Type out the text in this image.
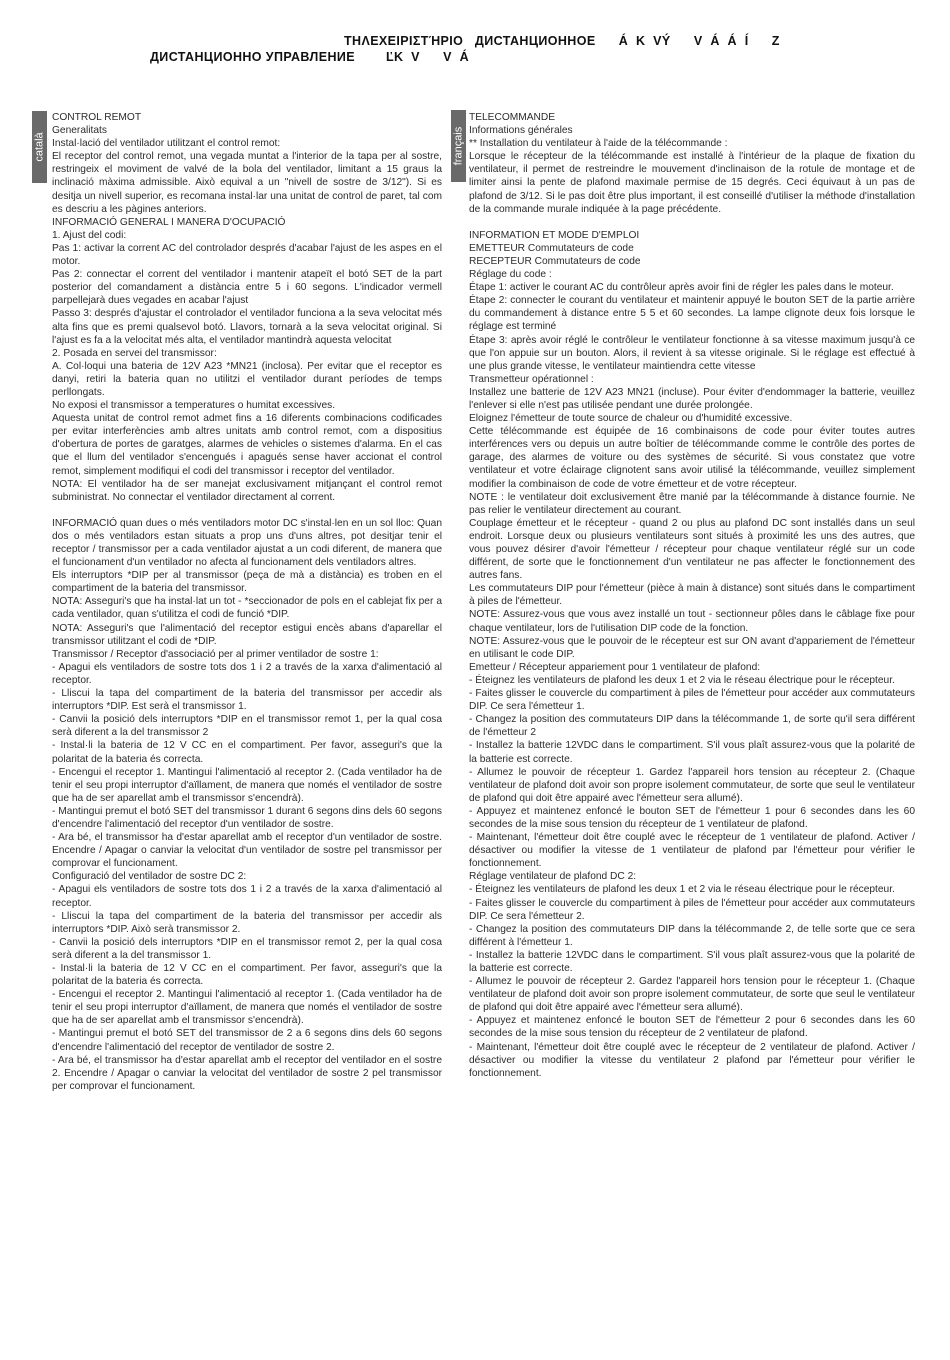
ΤΗΛΕΧΕΙΡΙΣΤΉΡΙΟ   ДИСТАНЦИОННОЕ      Á  K  VÝ      V  Á  Á  Í      Z
ДИСТАНЦИОННО УПРАВЛЕНИЕ        ĽK  V      V  Á
català	français

CONTROL REMOT

Generalitats

Instal·lació del ventilador utilitzant el control remot:

El receptor del control remot, una vegada muntat a l'interior de la tapa per al sostre, restringeix el moviment de valvé de la bola del ventilador, limitant a 15 graus la inclinació màxima admissible. Això equival a un "nivell de sostre de 3/12"). Si es desitja un nivell superior, es recomana instal·lar una unitat de control de paret, tal com es descriu a les pàgines anteriors.

INFORMACIÓ GENERAL I MANERA D'OCUPACIÓ

1. Ajust del codi:

Pas 1: activar la corrent AC del controlador després d'acabar l'ajust de les aspes en el motor.

Pas 2: connectar el corrent del ventilador i mantenir atapeït el botó SET de la part posterior del comandament a distància entre 5 i 60 segons. L'indicador vermell parpellejarà dues vegades en acabar l'ajust

Passo 3: després d'ajustar el controlador el ventilador funciona a la seva velocitat més alta fins que es premi qualsevol botó. Llavors, tornarà a la seva velocitat original. Si l'ajust es fa a la velocitat més alta, el ventilador mantindrà aquesta velocitat

2. Posada en servei del transmissor:

A. Col·loqui una bateria de 12V A23 *MN21 (inclosa). Per evitar que el receptor es danyi, retiri la bateria quan no utilitzi el ventilador durant períodes de temps perllongats.

No exposi el transmissor a temperatures o humitat excessives.

Aquesta unitat de control remot admet fins a 16 diferents combinacions codificades per evitar interferències amb altres unitats amb control remot, com a dispositius d'obertura de portes de garatges, alarmes de vehicles o sistemes d'alarma. En el cas que el llum del ventilador s'encengués i apagués sense haver accionat el control remot, simplement modifiqui el codi del transmissor i receptor del ventilador.

NOTA: El ventilador ha de ser manejat exclusivament mitjançant el control remot subministrat. No connectar el ventilador directament al corrent.

INFORMACIÓ quan dues o més ventiladors motor DC s'instal·len en un sol lloc: Quan dos o més ventiladors estan situats a prop uns d'uns altres, pot desitjar tenir el receptor / transmissor per a cada ventilador ajustat a un codi diferent, de manera que el funcionament d'un ventilador no afecta al funcionament dels ventiladors altres.

Els interruptors *DIP per al transmissor (peça de mà a distància) es troben en el compartiment de la bateria del transmissor.

NOTA: Asseguri's que ha instal·lat un tot - *seccionador de pols en el cablejat fix per a cada ventilador, quan s'utilitza el codi de funció *DIP.

NOTA: Asseguri's que l'alimentació del receptor estigui encès abans d'aparellar el transmissor utilitzant el codi de *DIP.

Transmissor / Receptor d'associació per al primer ventilador de sostre 1:

- Apagui els ventiladors de sostre tots dos 1 i 2 a través de la xarxa d'alimentació al receptor.

- Lliscui la tapa del compartiment de la bateria del transmissor per accedir als interruptors *DIP. Est serà el transmissor 1.

- Canvii la posició dels interruptors *DIP en el transmissor remot 1, per la qual cosa serà diferent a la del transmissor 2

- Instal·li la bateria de 12 V CC en el compartiment. Per favor, asseguri's que la polaritat de la bateria és correcta.

- Encengui el receptor 1. Mantingui l'alimentació al receptor 2. (Cada ventilador ha de tenir el seu propi interruptor d'aïllament, de manera que només el ventilador de sostre que ha de ser aparellat amb el transmissor s'encendrà).

- Mantingui premut el botó SET del transmissor 1 durant 6 segons dins dels 60 segons d'encendre l'alimentació del receptor d'un ventilador de sostre.

- Ara bé, el transmissor ha d'estar aparellat amb el receptor d'un ventilador de sostre. Encendre / Apagar o canviar la velocitat d'un ventilador de sostre pel transmissor per comprovar el funcionament.

Configuració del ventilador de sostre DC 2:

- Apagui els ventiladors de sostre tots dos 1 i 2 a través de la xarxa d'alimentació al receptor.

- Lliscui la tapa del compartiment de la bateria del transmissor per accedir als interruptors *DIP. Això serà transmissor 2.

- Canvii la posició dels interruptors *DIP en el transmissor remot 2, per la qual cosa serà diferent a la del transmissor 1.

- Instal·li la bateria de 12 V CC en el compartiment. Per favor, asseguri's que la polaritat de la bateria és correcta.

- Encengui el receptor 2. Mantingui l'alimentació al receptor 1. (Cada ventilador ha de tenir el seu propi interruptor d'aïllament, de manera que només el ventilador de sostre que ha de ser aparellat amb el transmissor s'encendrà).

- Mantingui premut el botó SET del transmissor de 2 a 6 segons dins dels 60 segons d'encendre l'alimentació del receptor de ventilador de sostre 2.

- Ara bé, el transmissor ha d'estar aparellat amb el receptor del ventilador en el sostre 2. Encendre / Apagar o canviar la velocitat del ventilador de sostre 2 pel transmissor per comprovar el funcionament.

TELECOMMANDE

Informations générales

** Installation du ventilateur à l'aide de la télécommande :

Lorsque le récepteur de la télécommande est installé à l'intérieur de la plaque de fixation du ventilateur, il permet de restreindre le mouvement d'inclinaison de la rotule de montage et de limiter ainsi la pente de plafond maximale permise de 15 degrés. Ceci équivaut à un pas de plafond de 3/12. Si le pas doit être plus important, il est conseillé d'utiliser la méthode d'installation de la commande murale indiquée à la page précédente.

INFORMATION ET MODE D'EMPLOI

EMETTEUR Commutateurs de code

RECEPTEUR Commutateurs de code

Réglage du code :

Étape 1: activer le courant AC du contrôleur après avoir fini de régler les pales dans le moteur.

Étape 2: connecter le courant du ventilateur et maintenir appuyé le bouton SET de la partie arrière du commandement à distance entre 5 5 et 60 secondes. La lampe clignote deux fois lorsque le réglage est terminé

Étape 3: après avoir réglé le contrôleur le ventilateur fonctionne à sa vitesse maximum jusqu'à ce que l'on appuie sur un bouton. Alors, il revient à sa vitesse originale. Si le réglage est effectué à une plus grande vitesse, le ventilateur maintiendra cette vitesse

Transmetteur opérationnel :

Installez une batterie de 12V A23 MN21 (incluse). Pour éviter d'endommager la batterie, veuillez l'enlever si elle n'est pas utilisée pendant une durée prolongée.

Eloignez l'émetteur de toute source de chaleur ou d'humidité excessive.

Cette télécommande est équipée de 16 combinaisons de code pour éviter toutes autres interférences vers ou depuis un autre boîtier de télécommande comme le contrôle des portes de garage, des alarmes de voiture ou des systèmes de sécurité. Si vous constatez que votre ventilateur et votre éclairage clignotent sans avoir utilisé la télécommande, veuillez simplement modifier la combinaison de code de votre émetteur et de votre récepteur.

NOTE : le ventilateur doit exclusivement être manié par la télécommande à distance fournie. Ne pas relier le ventilateur directement au courant.

Couplage émetteur et le récepteur - quand 2 ou plus au plafond DC sont installés dans un seul endroit. Lorsque deux ou plusieurs ventilateurs sont situés à proximité les uns des autres, que vous pouvez désirer d'avoir l'émetteur / récepteur pour chaque ventilateur réglé sur un code différent, de sorte que le fonctionnement d'un ventilateur ne pas affecter le fonctionnement des autres fans.

Les commutateurs DIP pour l'émetteur (pièce à main à distance) sont situés dans le compartiment à piles de l'émetteur.

NOTE: Assurez-vous que vous avez installé un tout - sectionneur pôles dans le câblage fixe pour chaque ventilateur, lors de l'utilisation DIP code de la fonction.

NOTE: Assurez-vous que le pouvoir de le récepteur est sur ON avant d'appariement de l'émetteur en utilisant le code DIP.

Emetteur / Récepteur appariement pour 1 ventilateur de plafond:

- Éteignez les ventilateurs de plafond les deux 1 et 2 via le réseau électrique pour le récepteur.

- Faites glisser le couvercle du compartiment à piles de l'émetteur pour accéder aux commutateurs DIP. Ce sera l'émetteur 1.

- Changez la position des commutateurs DIP dans la télécommande 1, de sorte qu'il sera différent de l'émetteur 2

- Installez la batterie 12VDC dans le compartiment. S'il vous plaît assurez-vous que la polarité de la batterie est correcte.

- Allumez le pouvoir de récepteur 1. Gardez l'appareil hors tension au récepteur 2. (Chaque ventilateur de plafond doit avoir son propre isolement commutateur, de sorte que seul le ventilateur de plafond qui doit être appairé avec l'émetteur sera allumé).

- Appuyez et maintenez enfoncé le bouton SET de l'émetteur 1 pour 6 secondes dans les 60 secondes de la mise sous tension du récepteur de 1 ventilateur de plafond.

- Maintenant, l'émetteur doit être couplé avec le récepteur de 1 ventilateur de plafond. Activer / désactiver ou modifier la vitesse de 1 ventilateur de plafond par l'émetteur pour vérifier le fonctionnement.

Réglage ventilateur de plafond DC 2:

- Éteignez les ventilateurs de plafond les deux 1 et 2 via le réseau électrique pour le récepteur.

- Faites glisser le couvercle du compartiment à piles de l'émetteur pour accéder aux commutateurs DIP. Ce sera l'émetteur 2.

- Changez la position des commutateurs DIP dans la télécommande 2, de telle sorte que ce sera différent à l'émetteur 1.

- Installez la batterie 12VDC dans le compartiment. S'il vous plaît assurez-vous que la polarité de la batterie est correcte.

- Allumez le pouvoir de récepteur 2. Gardez l'appareil hors tension pour le récepteur 1. (Chaque ventilateur de plafond doit avoir son propre isolement commutateur, de sorte que seul le ventilateur de plafond qui doit être appairé avec l'émetteur sera allumé).

- Appuyez et maintenez enfoncé le bouton SET de l'émetteur 2 pour 6 secondes dans les 60 secondes de la mise sous tension du récepteur de 2 ventilateur de plafond.

- Maintenant, l'émetteur doit être couplé avec le récepteur de 2 ventilateur de plafond. Activer / désactiver ou modifier la vitesse du ventilateur 2 plafond par l'émetteur pour vérifier le fonctionnement.
